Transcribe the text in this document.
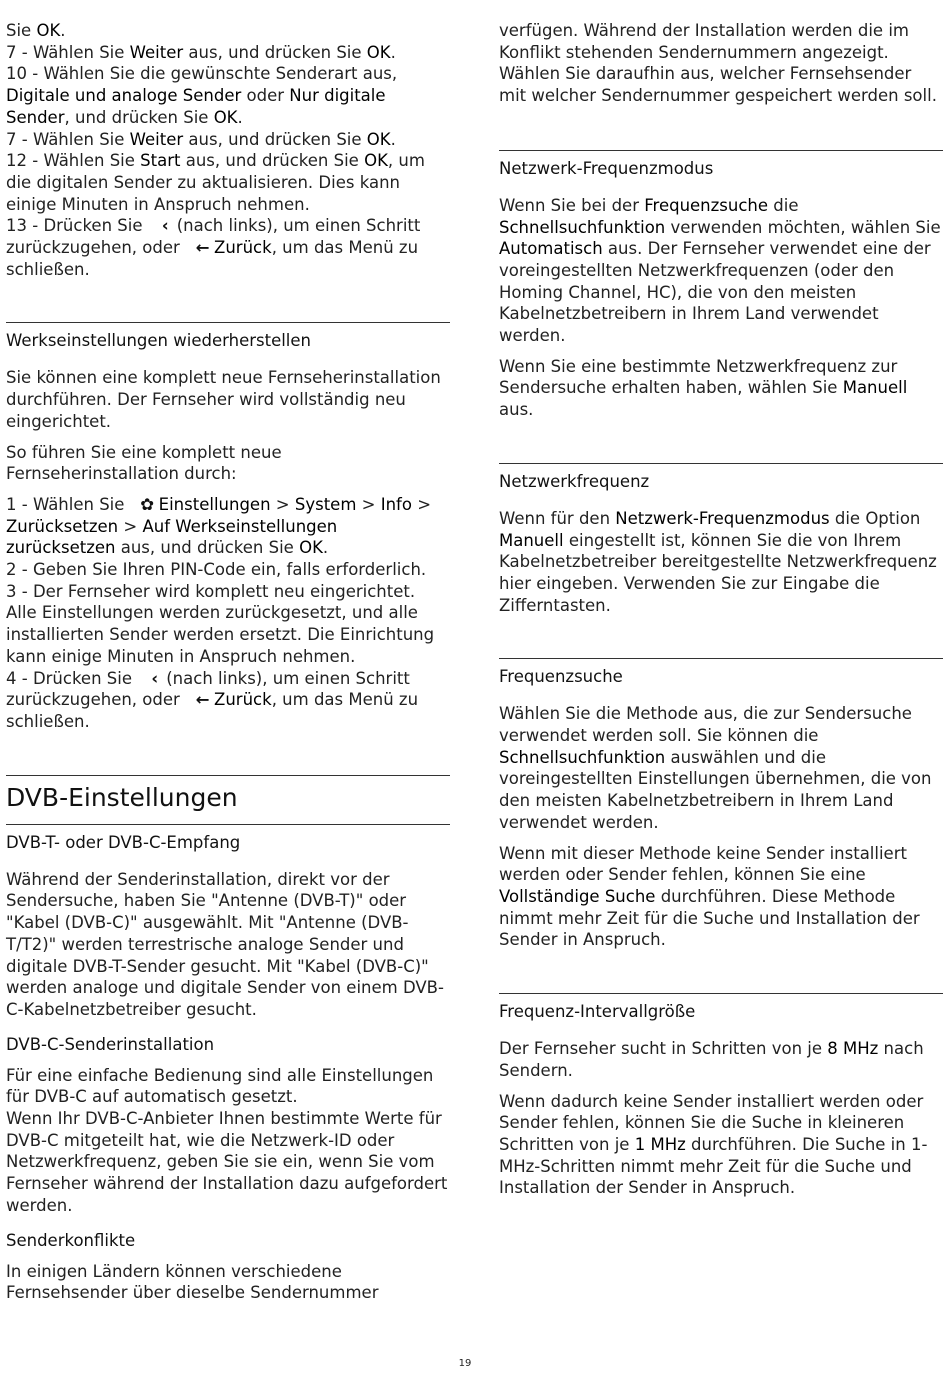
Sie OK.

7 - Wählen Sie Weiter aus, und drücken Sie OK.

10 - Wählen Sie die gewünschte Senderart aus, Digitale und analoge Sender oder Nur digitale Sender, und drücken Sie OK.

7 - Wählen Sie Weiter aus, und drücken Sie OK.

12 - Wählen Sie Start aus, und drücken Sie OK, um die digitalen Sender zu aktualisieren. Dies kann einige Minuten in Anspruch nehmen.

13 - Drücken Sie ‹ (nach links), um einen Schritt zurückzugehen, oder ← Zurück, um das Menü zu schließen.

Werkseinstellungen wiederherstellen

Sie können eine komplett neue Fernseherinstallation durchführen. Der Fernseher wird vollständig neu eingerichtet.

So führen Sie eine komplett neue Fernseherinstallation durch:

1 - Wählen Sie ✿ Einstellungen > System > Info > Zurücksetzen > Auf Werkseinstellungen zurücksetzen aus, und drücken Sie OK.

2 - Geben Sie Ihren PIN-Code ein, falls erforderlich.

3 - Der Fernseher wird komplett neu eingerichtet. Alle Einstellungen werden zurückgesetzt, und alle installierten Sender werden ersetzt. Die Einrichtung kann einige Minuten in Anspruch nehmen.

4 - Drücken Sie ‹ (nach links), um einen Schritt zurückzugehen, oder ← Zurück, um das Menü zu schließen.

DVB-Einstellungen
DVB-T- oder DVB-C-Empfang

Während der Senderinstallation, direkt vor der Sendersuche, haben Sie "Antenne (DVB-T)" oder "Kabel (DVB-C)" ausgewählt. Mit "Antenne (DVB-T/T2)" werden terrestrische analoge Sender und digitale DVB-T-Sender gesucht. Mit "Kabel (DVB-C)" werden analoge und digitale Sender von einem DVB-C-Kabelnetzbetreiber gesucht.

DVB-C-Senderinstallation

Für eine einfache Bedienung sind alle Einstellungen für DVB-C auf automatisch gesetzt.

Wenn Ihr DVB-C-Anbieter Ihnen bestimmte Werte für DVB-C mitgeteilt hat, wie die Netzwerk-ID oder Netzwerkfrequenz, geben Sie sie ein, wenn Sie vom Fernseher während der Installation dazu aufgefordert werden.

Senderkonflikte

In einigen Ländern können verschiedene Fernsehsender über dieselbe Sendernummer

verfügen. Während der Installation werden die im Konflikt stehenden Sendernummern angezeigt. Wählen Sie daraufhin aus, welcher Fernsehsender mit welcher Sendernummer gespeichert werden soll.

Netzwerk-Frequenzmodus

Wenn Sie bei der Frequenzsuche die Schnellsuchfunktion verwenden möchten, wählen Sie Automatisch aus. Der Fernseher verwendet eine der voreingestellten Netzwerkfrequenzen (oder den Homing Channel, HC), die von den meisten Kabelnetzbetreibern in Ihrem Land verwendet werden.

Wenn Sie eine bestimmte Netzwerkfrequenz zur Sendersuche erhalten haben, wählen Sie Manuell aus.

Netzwerkfrequenz

Wenn für den Netzwerk-Frequenzmodus die Option Manuell eingestellt ist, können Sie die von Ihrem Kabelnetzbetreiber bereitgestellte Netzwerkfrequenz hier eingeben. Verwenden Sie zur Eingabe die Zifferntasten.

Frequenzsuche

Wählen Sie die Methode aus, die zur Sendersuche verwendet werden soll. Sie können die Schnellsuchfunktion auswählen und die voreingestellten Einstellungen übernehmen, die von den meisten Kabelnetzbetreibern in Ihrem Land verwendet werden.

Wenn mit dieser Methode keine Sender installiert werden oder Sender fehlen, können Sie eine Vollständige Suche durchführen. Diese Methode nimmt mehr Zeit für die Suche und Installation der Sender in Anspruch.

Frequenz-Intervallgröße

Der Fernseher sucht in Schritten von je 8 MHz nach Sendern.

Wenn dadurch keine Sender installiert werden oder Sender fehlen, können Sie die Suche in kleineren Schritten von je 1 MHz durchführen. Die Suche in 1-MHz-Schritten nimmt mehr Zeit für die Suche und Installation der Sender in Anspruch.

19
